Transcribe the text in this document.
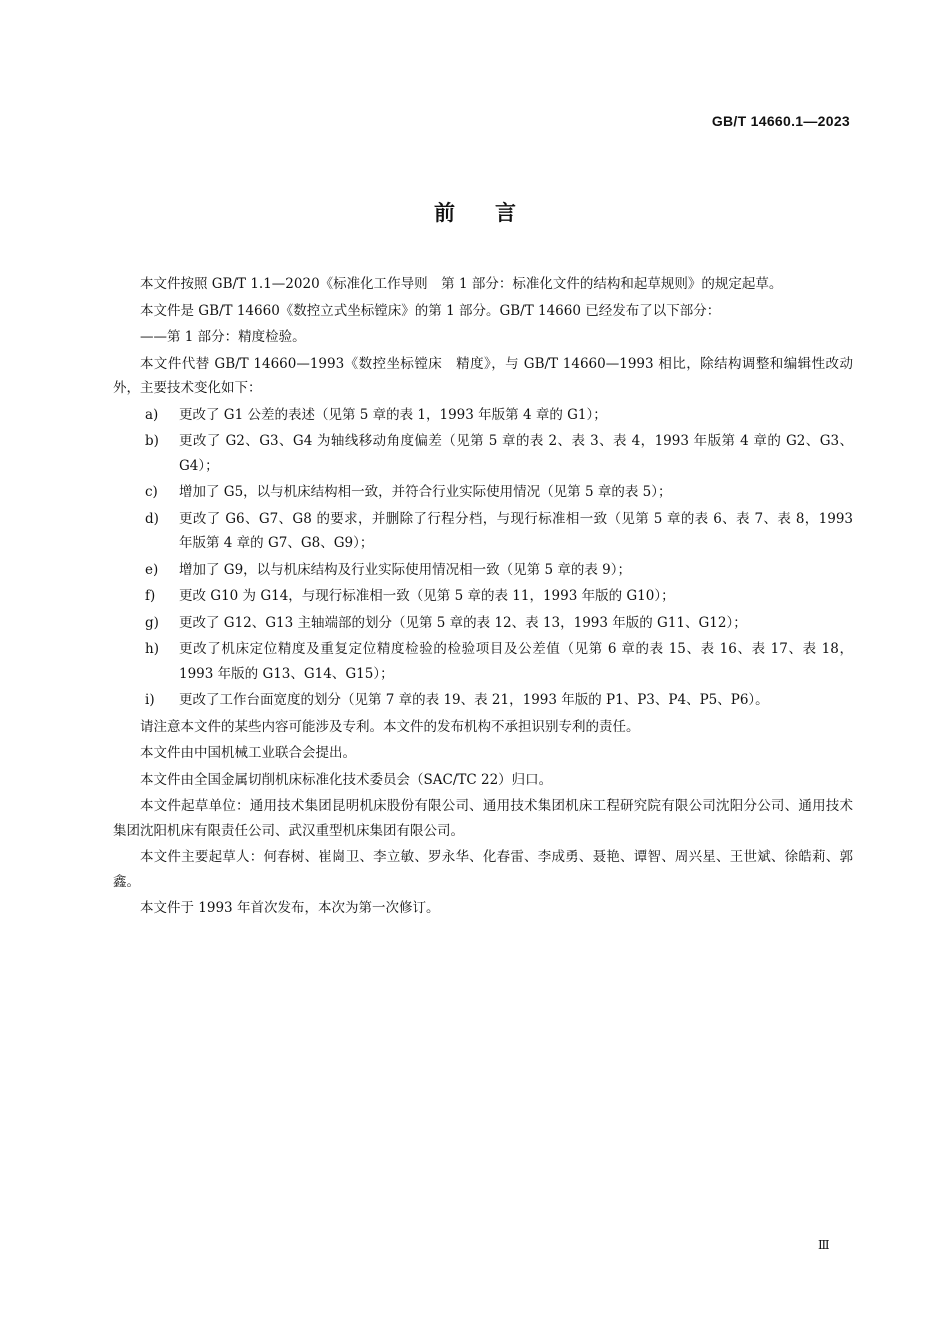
GB/T 14660.1—2023
前言

本文件按照 GB/T 1.1—2020《标准化工作导则　第 1 部分：标准化文件的结构和起草规则》的规定起草。

本文件是 GB/T 14660《数控立式坐标镗床》的第 1 部分。GB/T 14660 已经发布了以下部分：

——第 1 部分：精度检验。

本文件代替 GB/T 14660—1993《数控坐标镗床　精度》，与 GB/T 14660—1993 相比，除结构调整和编辑性改动外，主要技术变化如下：

a) 更改了 G1 公差的表述（见第 5 章的表 1，1993 年版第 4 章的 G1）；
b) 更改了 G2、G3、G4 为轴线移动角度偏差（见第 5 章的表 2、表 3、表 4，1993 年版第 4 章的 G2、G3、G4）；
c) 增加了 G5，以与机床结构相一致，并符合行业实际使用情况（见第 5 章的表 5）；
d) 更改了 G6、G7、G8 的要求，并删除了行程分档，与现行标准相一致（见第 5 章的表 6、表 7、表 8，1993 年版第 4 章的 G7、G8、G9）；
e) 增加了 G9，以与机床结构及行业实际使用情况相一致（见第 5 章的表 9）；
f) 更改 G10 为 G14，与现行标准相一致（见第 5 章的表 11，1993 年版的 G10）；
g) 更改了 G12、G13 主轴端部的划分（见第 5 章的表 12、表 13，1993 年版的 G11、G12）；
h) 更改了机床定位精度及重复定位精度检验的检验项目及公差值（见第 6 章的表 15、表 16、表 17、表 18，1993 年版的 G13、G14、G15）；
i) 更改了工作台面宽度的划分（见第 7 章的表 19、表 21，1993 年版的 P1、P3、P4、P5、P6）。

请注意本文件的某些内容可能涉及专利。本文件的发布机构不承担识别专利的责任。

本文件由中国机械工业联合会提出。

本文件由全国金属切削机床标准化技术委员会（SAC/TC 22）归口。

本文件起草单位：通用技术集团昆明机床股份有限公司、通用技术集团机床工程研究院有限公司沈阳分公司、通用技术集团沈阳机床有限责任公司、武汉重型机床集团有限公司。

本文件主要起草人：何春树、崔崗卫、李立敏、罗永华、化春雷、李成勇、聂艳、谭智、周兴星、王世斌、徐皓莉、郭鑫。

本文件于 1993 年首次发布，本次为第一次修订。

Ⅲ
